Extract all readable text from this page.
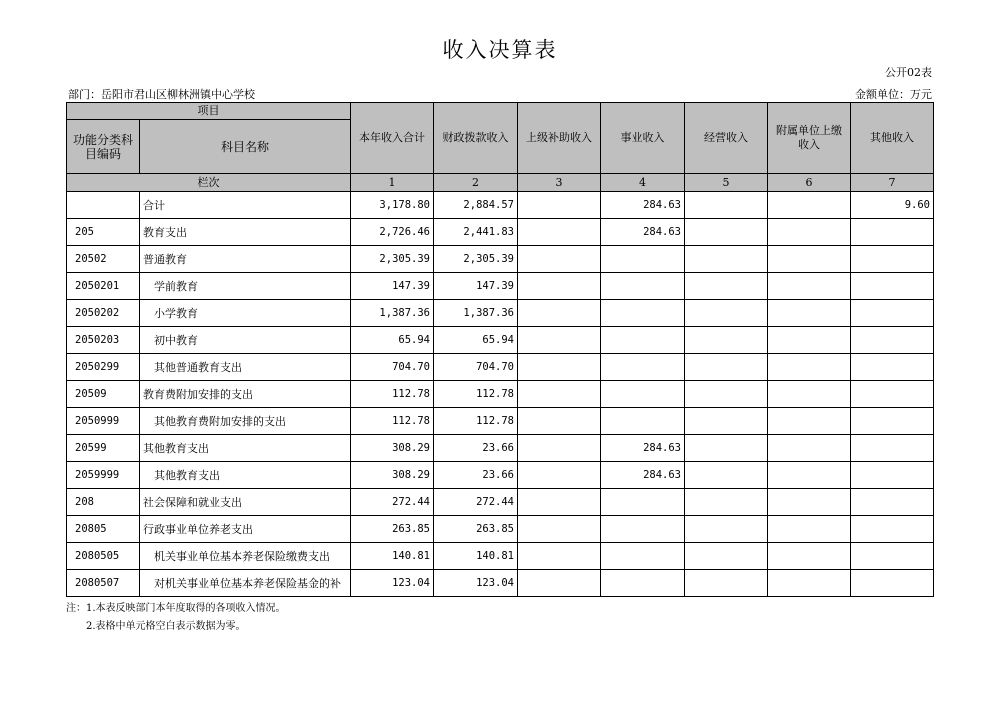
收入决算表
公开02表
部门：岳阳市君山区柳林洲镇中心学校	金额单位：万元
项目		本年收入合计	财政拨款收入	上级补助收入	事业收入	经营收入	附属单位上缴收入	其他收入
功能分类科目编码	科目名称							
栏次		1	2	3	4	5	6	7
	合计	3,178.80	2,884.57		284.63			9.60
205	教育支出	2,726.46	2,441.83		284.63			
20502	普通教育	2,305.39	2,305.39					
2050201	学前教育	147.39	147.39					
2050202	小学教育	1,387.36	1,387.36					
2050203	初中教育	65.94	65.94					
2050299	其他普通教育支出	704.70	704.70					
20509	教育费附加安排的支出	112.78	112.78					
2050999	其他教育费附加安排的支出	112.78	112.78					
20599	其他教育支出	308.29	23.66		284.63			
2059999	其他教育支出	308.29	23.66		284.63			
208	社会保障和就业支出	272.44	272.44					
20805	行政事业单位养老支出	263.85	263.85					
2080505	机关事业单位基本养老保险缴费支出	140.81	140.81					
2080507	对机关事业单位基本养老保险基金的补	123.04	123.04					
注：1.本表反映部门本年度取得的各项收入情况。
2.表格中单元格空白表示数据为零。
